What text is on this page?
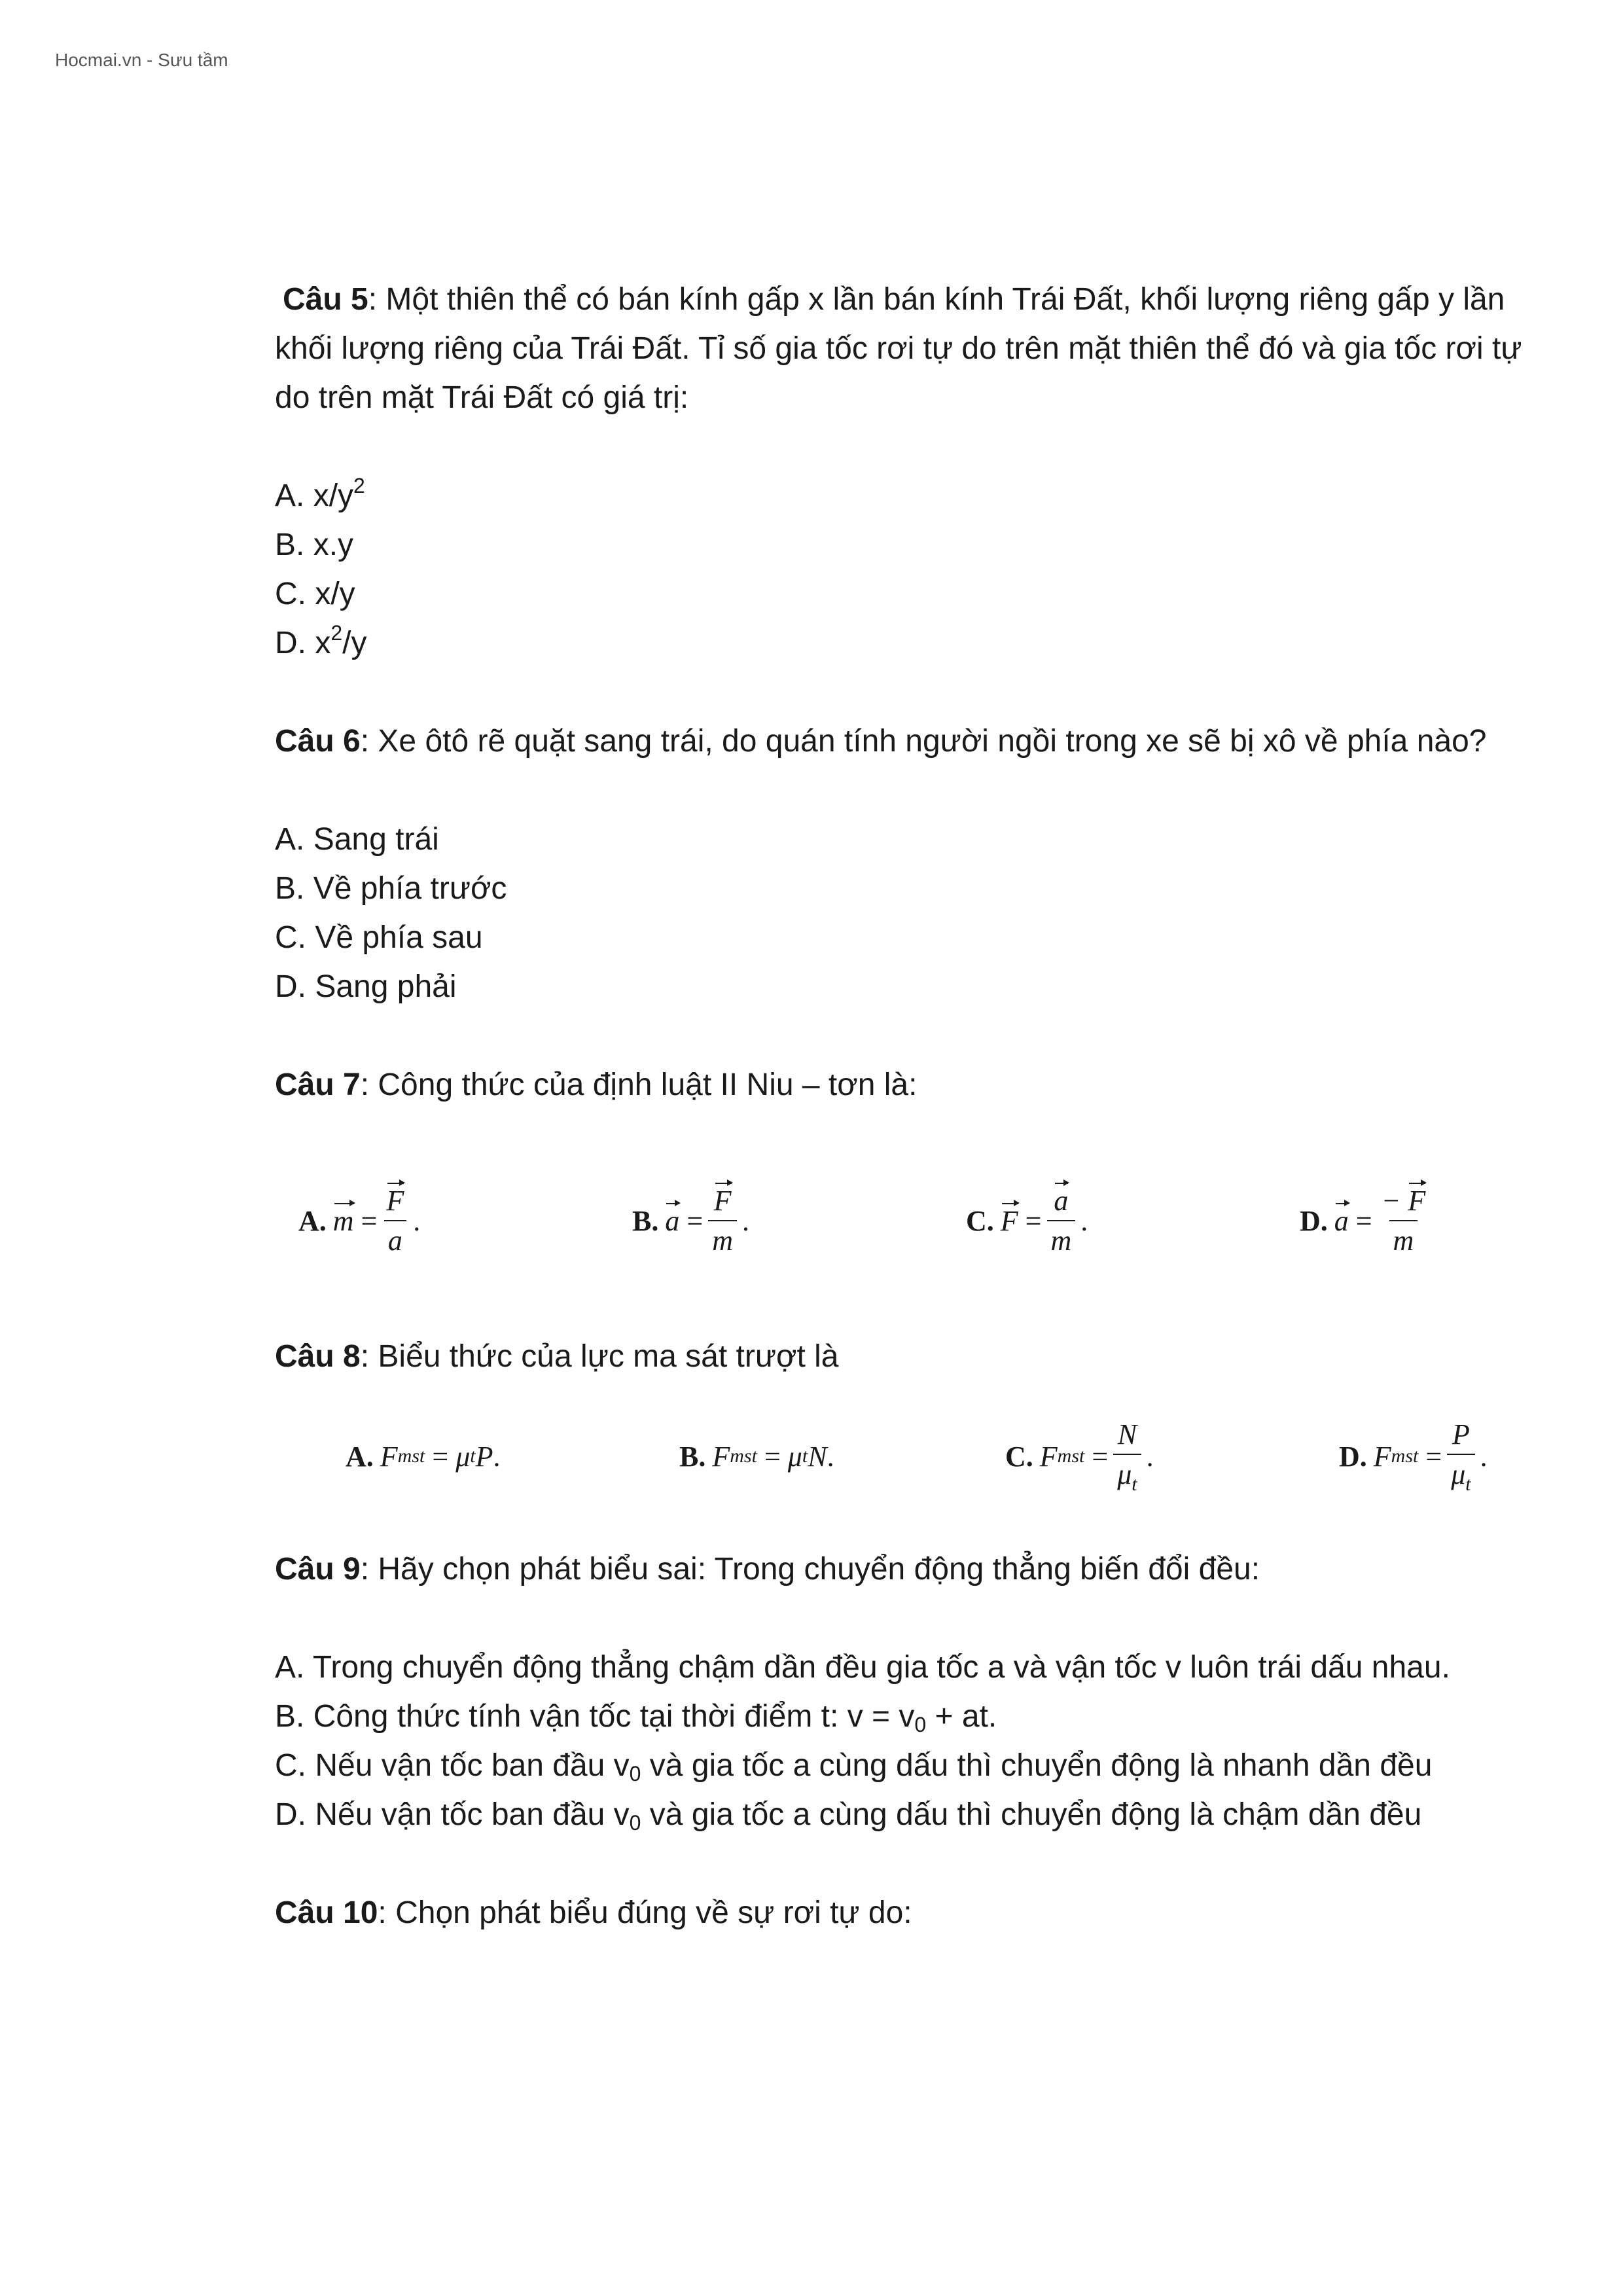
Hocmai.vn - Sưu tầm

Câu 5: Một thiên thể có bán kính gấp x lần bán kính Trái Đất, khối lượng riêng gấp y lần khối lượng riêng của Trái Đất. Tỉ số gia tốc rơi tự do trên mặt thiên thể đó và gia tốc rơi tự do trên mặt Trái Đất có giá trị:

A. $x/y^2$

B. x.y

C. x/y

D. $x^2/y$

Câu 6: Xe ôtô rẽ quặt sang trái, do quán tính người ngồi trong xe sẽ bị xô về phía nào?

A. Sang trái

B. Về phía trước

C. Về phía sau

D. Sang phải

Câu 7: Công thức của định luật II Niu – tơn là:

A. m
= $\frac{F}{a}$ .	B. a
= $\frac{F}{m}$ .	C. F
= $\frac{a}{m}$ .	D. a
= $\frac{- F}{m}$

Câu 8: Biểu thức của lực ma sát trượt là

A. F mst
=
μ t P .	B. F mst
=
μ t N .	C. F mst
= $\frac{N}{\mu_t}$ .	D. F mst
= $\frac{P}{\mu_t}$ .

Câu 9: Hãy chọn phát biểu sai: Trong chuyển động thẳng biến đổi đều:

A. Trong chuyển động thẳng chậm dần đều gia tốc a và vận tốc v luôn trái dấu nhau.

B. Công thức tính vận tốc tại thời điểm t: $v = v_0$ + at.

C. Nếu vận tốc ban đầu $v_0$ và gia tốc a cùng dấu thì chuyển động là nhanh dần đều

D. Nếu vận tốc ban đầu $v_0$ và gia tốc a cùng dấu thì chuyển động là chậm dần đều

Câu 10: Chọn phát biểu đúng về sự rơi tự do:
